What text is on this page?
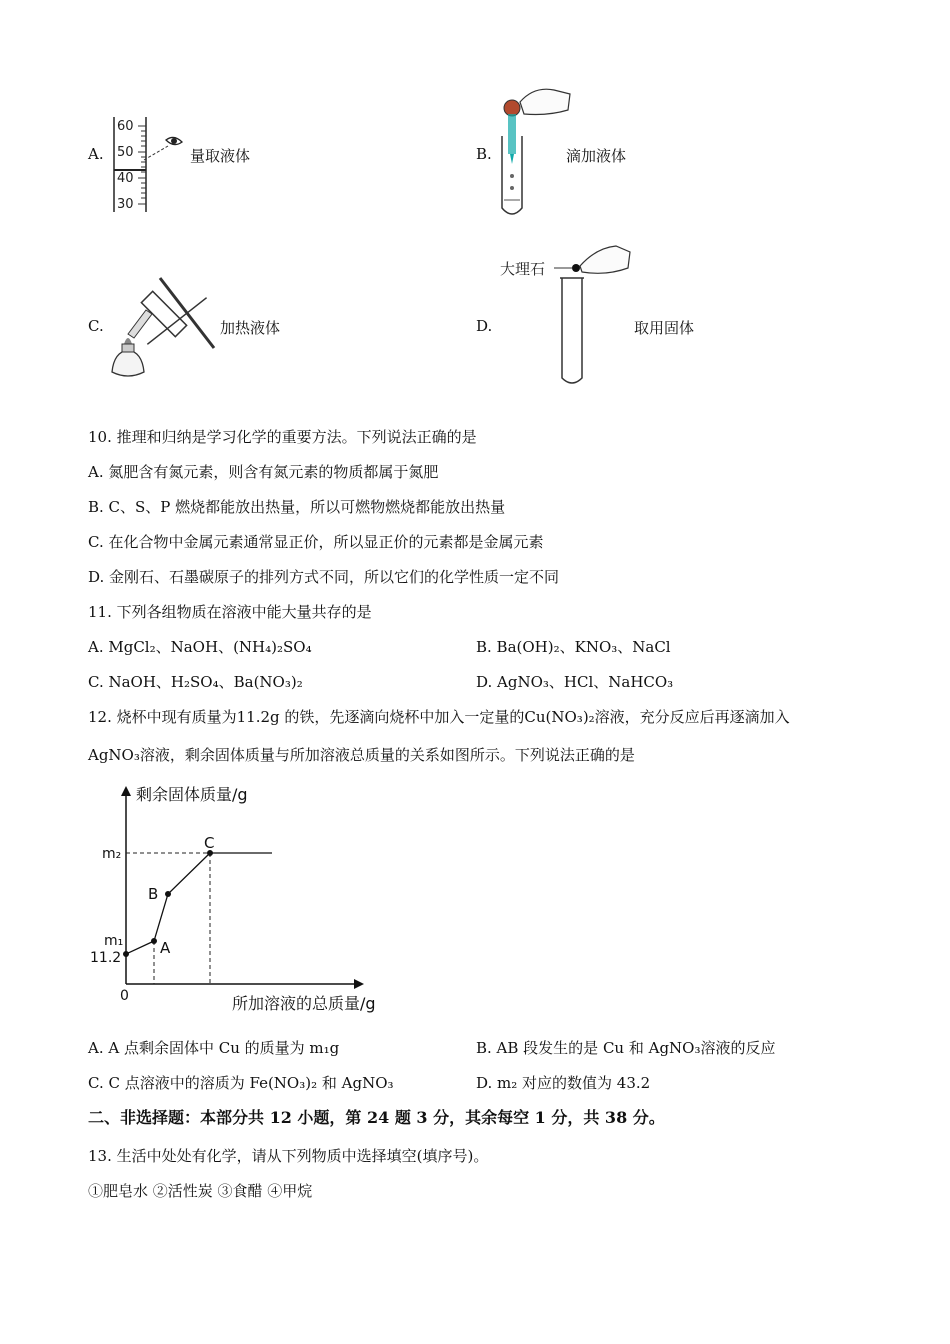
A.
60
50
40
30
量取液体	B.	滴加液体
C.	加热液体	D.
大理石
取用固体
10. 推理和归纳是学习化学的重要方法。下列说法正确的是
A. 氮肥含有氮元素，则含有氮元素的物质都属于氮肥
B. C、S、P 燃烧都能放出热量，所以可燃物燃烧都能放出热量
C. 在化合物中金属元素通常显正价，所以显正价的元素都是金属元素
D. 金刚石、石墨碳原子的排列方式不同，所以它们的化学性质一定不同
11. 下列各组物质在溶液中能大量共存的是
A. MgCl₂、NaOH、(NH₄)₂SO₄	B. Ba(OH)₂、KNO₃、NaCl
C. NaOH、H₂SO₄、Ba(NO₃)₂	D. AgNO₃、HCl、NaHCO₃
12. 烧杯中现有质量为11.2g 的铁，先逐滴向烧杯中加入一定量的Cu(NO₃)₂溶液，充分反应后再逐滴加入
AgNO₃溶液，剩余固体质量与所加溶液总质量的关系如图所示。下列说法正确的是
剩余固体质量/g
所加溶液的总质量/g
0
m₂
m₁
11.2
A
B
C
A. A 点剩余固体中 Cu 的质量为 m₁g	B. AB 段发生的是 Cu 和 AgNO₃溶液的反应
C. C 点溶液中的溶质为 Fe(NO₃)₂ 和 AgNO₃	D. m₂ 对应的数值为 43.2
二、非选择题：本部分共 12 小题，第 24 题 3 分，其余每空 1 分，共 38 分。
13. 生活中处处有化学，请从下列物质中选择填空(填序号)。
①肥皂水 ②活性炭 ③食醋 ④甲烷
